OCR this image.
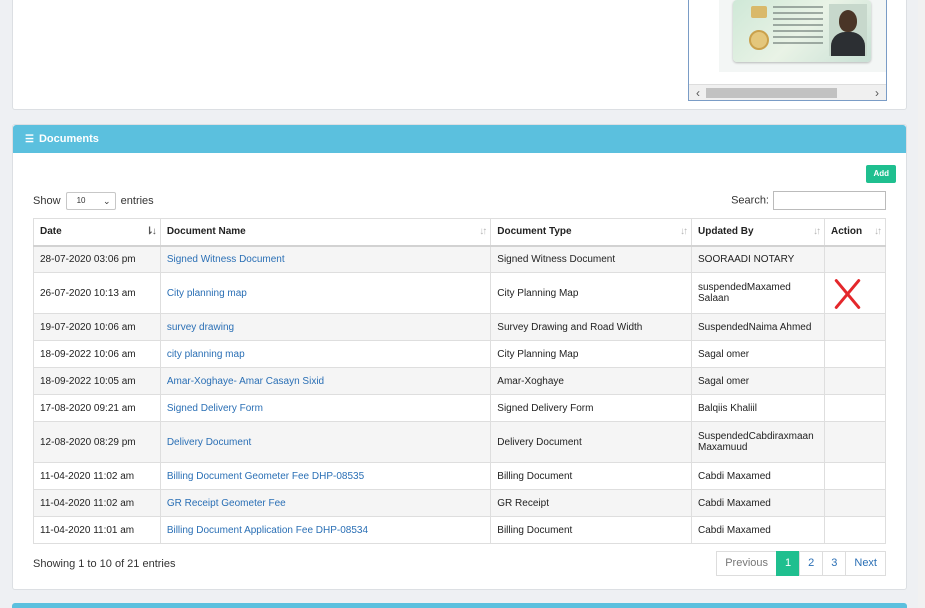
‹	›
☰ Documents
Add
Show 10 ⌄ entries	Search:
Date ⇂↓	Document Name ↓↑	Document Type ↓↑	Updated By ↓↑	Action ↓↑

28-07-2020 03:06 pm	Signed Witness Document	Signed Witness Document	SOORAADI NOTARY	
26-07-2020 10:13 am	City planning map	City Planning Map	suspendedMaxamed Salaan	
19-07-2020 10:06 am	survey drawing	Survey Drawing and Road Width	SuspendedNaima Ahmed	
18-09-2022 10:06 am	city planning map	City Planning Map	Sagal omer	
18-09-2022 10:05 am	Amar-Xoghaye- Amar Casayn Sixid	Amar-Xoghaye	Sagal omer	
17-08-2020 09:21 am	Signed Delivery Form	Signed Delivery Form	Balqiis Khaliil	
12-08-2020 08:29 pm	Delivery Document	Delivery Document	SuspendedCabdiraxmaan Maxamuud	
11-04-2020 11:02 am	Billing Document Geometer Fee DHP-08535	Billing Document	Cabdi Maxamed	
11-04-2020 11:02 am	GR Receipt Geometer Fee	GR Receipt	Cabdi Maxamed	
11-04-2020 11:01 am	Billing Document Application Fee DHP-08534	Billing Document	Cabdi Maxamed	
Showing 1 to 10 of 21 entries	Previous	1	2	3	Next
